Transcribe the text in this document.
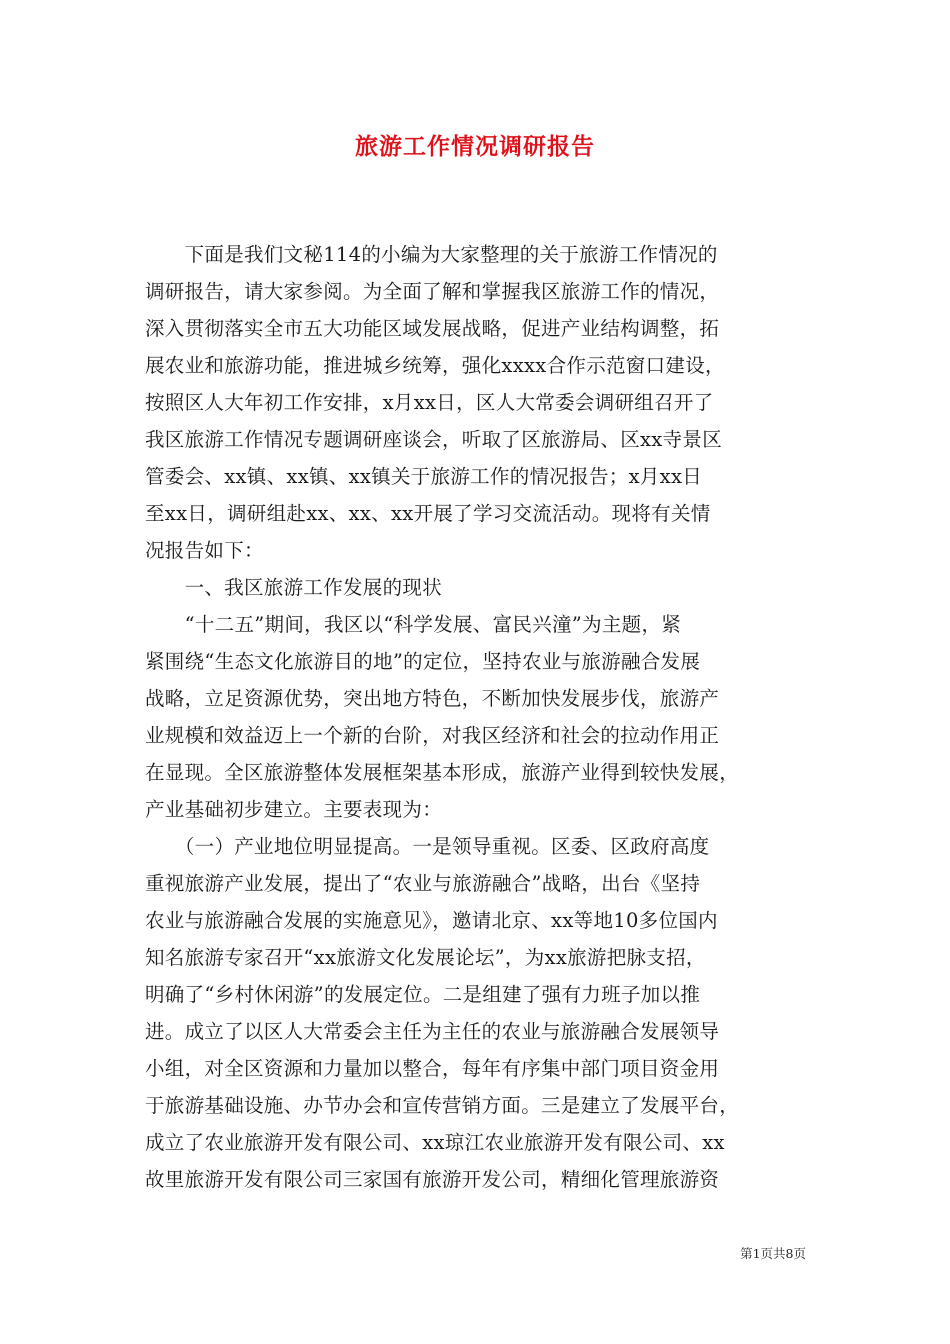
旅游工作情况调研报告
　　下面是我们文秘114的小编为大家整理的关于旅游工作情况的
调研报告，请大家参阅。为全面了解和掌握我区旅游工作的情况，
深入贯彻落实全市五大功能区域发展战略，促进产业结构调整，拓
展农业和旅游功能，推进城乡统筹，强化xxxx合作示范窗口建设，
按照区人大年初工作安排，x月xx日，区人大常委会调研组召开了
我区旅游工作情况专题调研座谈会，听取了区旅游局、区xx寺景区
管委会、xx镇、xx镇、xx镇关于旅游工作的情况报告；x月xx日
至xx日，调研组赴xx、xx、xx开展了学习交流活动。现将有关情
况报告如下：
　　一、我区旅游工作发展的现状
　　“十二五”期间，我区以“科学发展、富民兴潼”为主题，紧
紧围绕“生态文化旅游目的地”的定位，坚持农业与旅游融合发展
战略，立足资源优势，突出地方特色，不断加快发展步伐，旅游产
业规模和效益迈上一个新的台阶，对我区经济和社会的拉动作用正
在显现。全区旅游整体发展框架基本形成，旅游产业得到较快发展，
产业基础初步建立。主要表现为：
　　（一）产业地位明显提高。一是领导重视。区委、区政府高度
重视旅游产业发展，提出了“农业与旅游融合”战略，出台《坚持
农业与旅游融合发展的实施意见》，邀请北京、xx等地10多位国内
知名旅游专家召开“xx旅游文化发展论坛”，为xx旅游把脉支招，
明确了“乡村休闲游”的发展定位。二是组建了强有力班子加以推
进。成立了以区人大常委会主任为主任的农业与旅游融合发展领导
小组，对全区资源和力量加以整合，每年有序集中部门项目资金用
于旅游基础设施、办节办会和宣传营销方面。三是建立了发展平台，
成立了农业旅游开发有限公司、xx琼江农业旅游开发有限公司、xx
故里旅游开发有限公司三家国有旅游开发公司，精细化管理旅游资
第1页共8页
